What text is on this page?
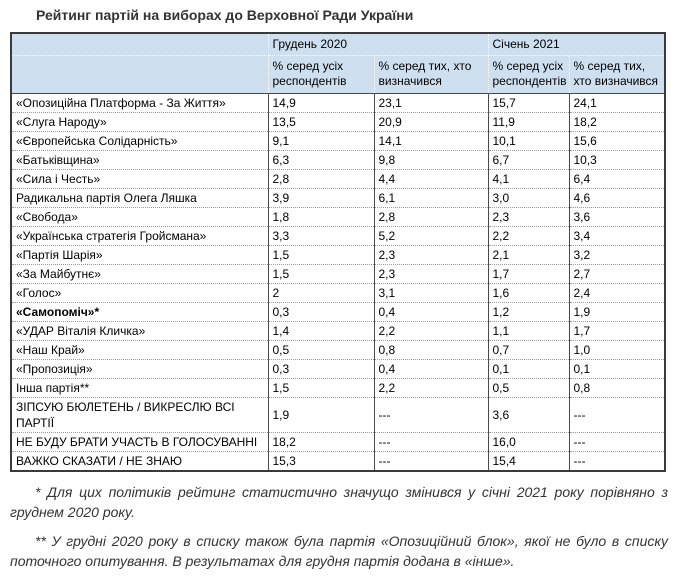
Рейтинг партій на виборах до Верховної Ради України
	Грудень 2020		Січень 2021	
	% серед усіх респондентів	% серед тих, хто визначився	% серед усіх респондентів	% серед тих, хто визначився
«Опозиційна Платформа - За Життя»	14,9	23,1	15,7	24,1
«Слуга Народу»	13,5	20,9	11,9	18,2
«Європейська Солідарність»	9,1	14,1	10,1	15,6
«Батьківщина»	6,3	9,8	6,7	10,3
«Сила і Честь»	2,8	4,4	4,1	6,4
Радикальна партія Олега Ляшка	3,9	6,1	3,0	4,6
«Свобода»	1,8	2,8	2,3	3,6
«Українська стратегія Гройсмана»	3,3	5,2	2,2	3,4
«Партія Шарія»	1,5	2,3	2,1	3,2
«За Майбутнє»	1,5	2,3	1,7	2,7
«Голос»	2	3,1	1,6	2,4
«Самопоміч»*	0,3	0,4	1,2	1,9
«УДАР Віталія Кличка»	1,4	2,2	1,1	1,7
«Наш Край»	0,5	0,8	0,7	1,0
«Пропозиція»	0,3	0,4	0,1	0,1
Інша партія**	1,5	2,2	0,5	0,8
ЗІПСУЮ БЮЛЕТЕНЬ / ВИКРЕСЛЮ ВСІ ПАРТІЇ	1,9	---	3,6	---
НЕ БУДУ БРАТИ УЧАСТЬ В ГОЛОСУВАННІ	18,2	---	16,0	---
ВАЖКО СКАЗАТИ / НЕ ЗНАЮ	15,3	---	15,4	---

* Для цих політиків рейтинг статистично значущо змінився у січні 2021 року порівняно з груднем 2020 року.

** У грудні 2020 року в списку також була партія «Опозиційний блок», якої не було в списку поточного опитування. В результатах для грудня партія додана в «інше».
